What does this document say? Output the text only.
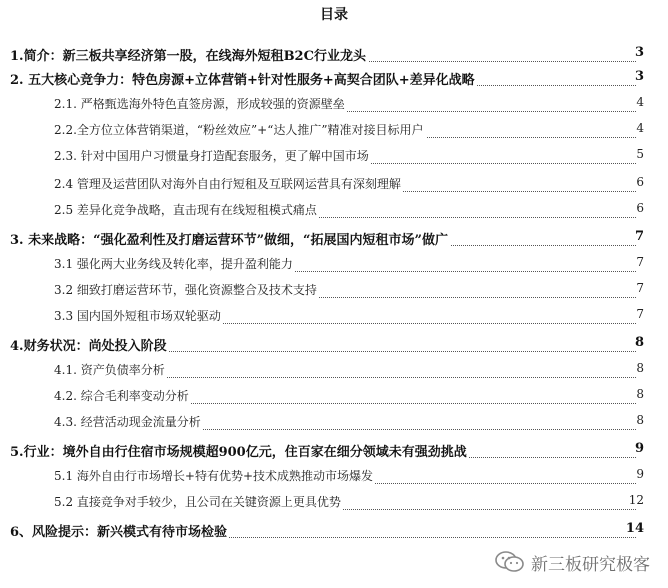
目录
1.简介：新三板共享经济第一股，在线海外短租B2C行业龙头	3
2. 五大核心竞争力：特色房源+立体营销+针对性服务+高契合团队+差异化战略	3
2.1. 严格甄选海外特色直签房源，形成较强的资源壁垒	4
2.2.全方位立体营销渠道，“粉丝效应”+“达人推广”精准对接目标用户	4
2.3. 针对中国用户习惯量身打造配套服务，更了解中国市场	5
2.4 管理及运营团队对海外自由行短租及互联网运营具有深刻理解	6
2.5 差异化竞争战略，直击现有在线短租模式痛点	6
3. 未来战略：“强化盈利性及打磨运营环节”做细，“拓展国内短租市场”做广	7
3.1 强化两大业务线及转化率，提升盈利能力	7
3.2 细致打磨运营环节，强化资源整合及技术支持	7
3.3 国内国外短租市场双轮驱动	7
4.财务状况：尚处投入阶段	8
4.1. 资产负债率分析	8
4.2. 综合毛利率变动分析	8
4.3. 经营活动现金流量分析	8
5.行业：境外自由行住宿市场规模超900亿元，住百家在细分领域未有强劲挑战	9
5.1 海外自由行市场增长+特有优势+技术成熟推动市场爆发	9
5.2 直接竞争对手较少，且公司在关键资源上更具优势	12
6、风险提示：新兴模式有待市场检验	14
新三板研究极客
